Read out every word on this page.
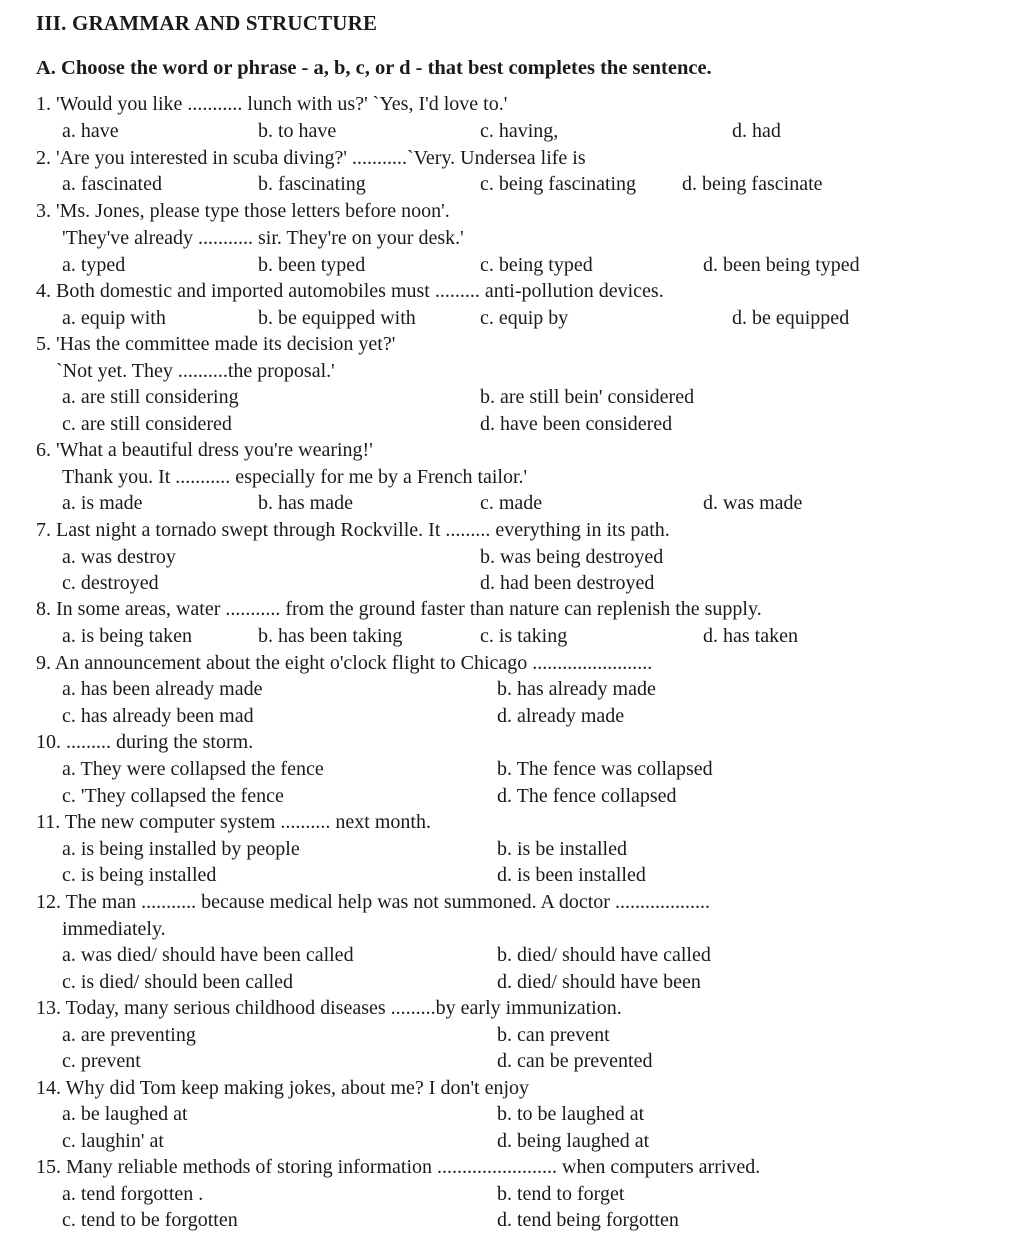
III. GRAMMAR AND STRUCTURE
A. Choose the word or phrase - a, b, c, or d - that best completes the sentence.
1. 'Would you like ........... lunch with us?' `Yes, I'd love to.'
a. have	b. to have	c. having,	d. had
2. 'Are you interested in scuba diving?' ...........`Very. Undersea life is
a. fascinated	b. fascinating	c. being fascinating d. being fascinate
3. 'Ms. Jones, please type those letters before noon'.
'They've already ........... sir. They're on your desk.'
a. typed	b. been typed	c. being typed	d. been being typed
4. Both domestic and imported automobiles must ......... anti-pollution devices.
a. equip with	b. be equipped with	c. equip by	d. be equipped
5. 'Has the committee made its decision yet?'
`Not yet. They ..........the proposal.'
a. are still considering	b. are still bein' considered
c. are still considered	d. have been considered
6. 'What a beautiful dress you're wearing!'
Thank you. It ........... especially for me by a French tailor.'
a. is made	b. has made	c. made	d. was made
7. Last night a tornado swept through Rockville. It ......... everything in its path.
a. was destroy	b. was being destroyed
c. destroyed	d. had been destroyed
8. In some areas, water ........... from the ground faster than nature can replenish the supply.
a. is being taken	b. has been taking	c. is taking	d. has taken
9. An announcement about the eight o'clock flight to Chicago ........................
a. has been already made	b. has already made
c. has already been mad	d. already made
10. ......... during the storm.
a. They were collapsed the fence	b. The fence was collapsed
c. 'They collapsed the fence	d. The fence collapsed
11. The new computer system .......... next month.
a. is being installed by people	b. is be installed
c. is being installed	d. is been installed
12. The man ........... because medical help was not summoned. A doctor ...................
immediately.
a. was died/ should have been called	b. died/ should have called
c. is died/ should been called	d. died/ should have been
13. Today, many serious childhood diseases .........by early immunization.
a. are preventing	b. can prevent
c. prevent	d. can be prevented
14. Why did Tom keep making jokes, about me? I don't enjoy
a. be laughed at	b. to be laughed at
c. laughin' at	d. being laughed at
15. Many reliable methods of storing information ........................ when computers arrived.
a. tend forgotten .	b. tend to forget
c. tend to be forgotten	d. tend being forgotten
